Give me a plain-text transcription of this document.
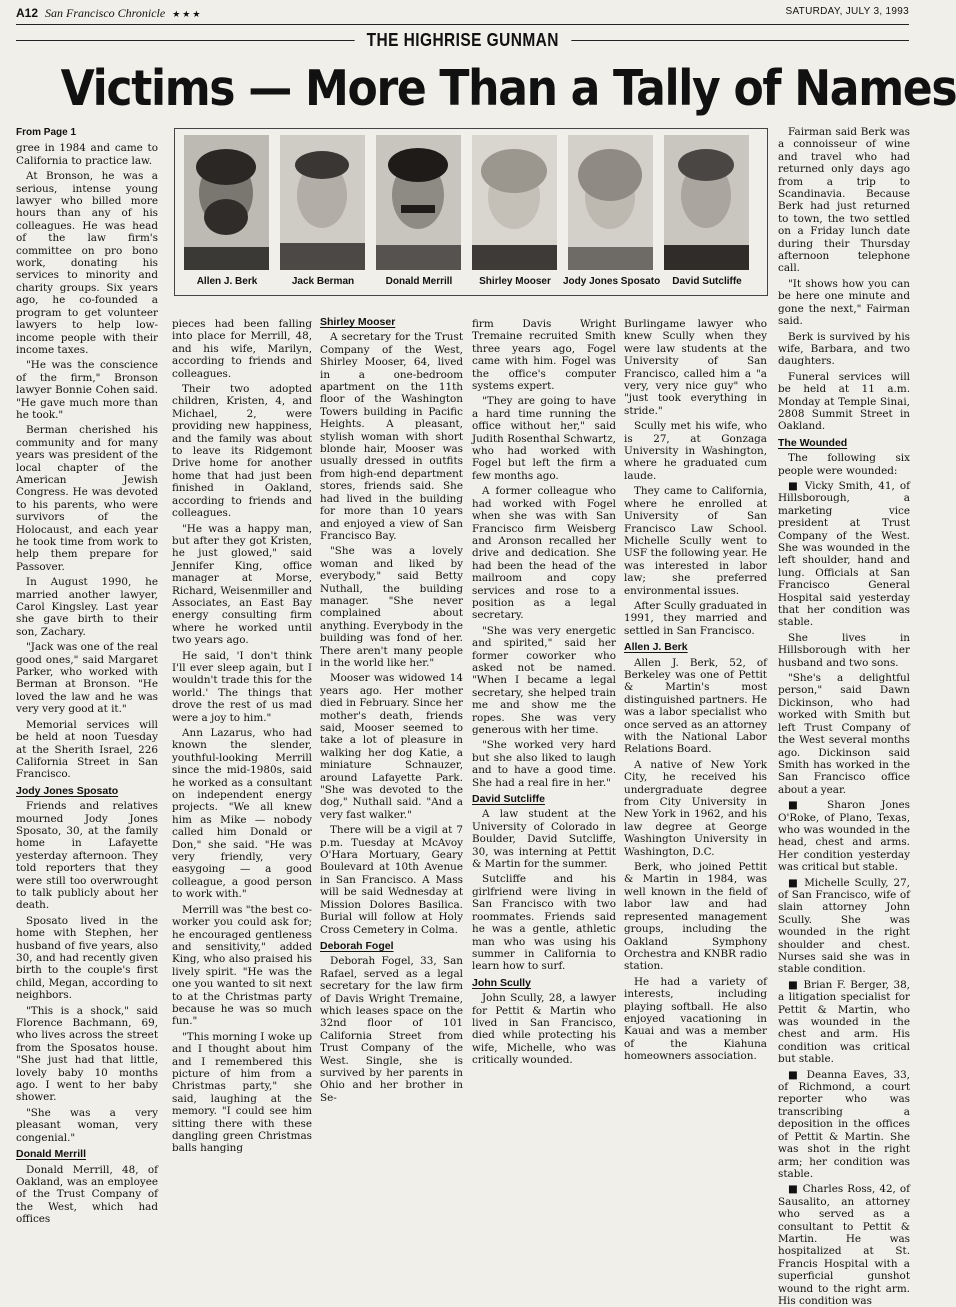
A12 San Francisco Chronicle ★★★	SATURDAY, JULY 3, 1993
THE HIGHRISE GUNMAN
Victims — More Than a Tally of Names

From Page 1

gree in 1984 and came to California to practice law.

At Bronson, he was a serious, intense young lawyer who billed more hours than any of his colleagues. He was head of the law firm's committee on pro bono work, donating his services to minority and charity groups. Six years ago, he co-founded a program to get volunteer lawyers to help low-income people with their income taxes.

"He was the conscience of the firm," Bronson lawyer Bonnie Cohen said. "He gave much more than he took."

Berman cherished his community and for many years was president of the local chapter of the American Jewish Congress. He was devoted to his parents, who were survivors of the Holocaust, and each year he took time from work to help them prepare for Passover.

In August 1990, he married another lawyer, Carol Kingsley. Last year she gave birth to their son, Zachary.

"Jack was one of the real good ones," said Margaret Parker, who worked with Berman at Bronson. "He loved the law and he was very very good at it."

Memorial services will be held at noon Tuesday at the Sherith Israel, 226 California Street in San Francisco.

Jody Jones Sposato

Friends and relatives mourned Jody Jones Sposato, 30, at the family home in Lafayette yesterday afternoon. They told reporters that they were still too overwrought to talk publicly about her death.

Sposato lived in the home with Stephen, her husband of five years, also 30, and had recently given birth to the couple's first child, Megan, according to neighbors.

"This is a shock," said Florence Bachmann, 69, who lives across the street from the Sposatos house. "She just had that little, lovely baby 10 months ago. I went to her baby shower.

"She was a very pleasant woman, very congenial."

Donald Merrill

Donald Merrill, 48, of Oakland, was an employee of the Trust Company of the West, which had offices

Allen J. Berk	Jack Berman	Donald Merrill	Shirley Mooser	Jody Jones Sposato	David Sutcliffe

pieces had been falling into place for Merrill, 48, and his wife, Marilyn, according to friends and colleagues.

Their two adopted children, Kristen, 4, and Michael, 2, were providing new happiness, and the family was about to leave its Ridgemont Drive home for another home that had just been finished in Oakland, according to friends and colleagues.

"He was a happy man, but after they got Kristen, he just glowed," said Jennifer King, office manager at Morse, Richard, Weisenmiller and Associates, an East Bay energy consulting firm where he worked until two years ago.

He said, 'I don't think I'll ever sleep again, but I wouldn't trade this for the world.' The things that drove the rest of us mad were a joy to him."

Ann Lazarus, who had known the slender, youthful-looking Merrill since the mid-1980s, said he worked as a consultant on independent energy projects. "We all knew him as Mike — nobody called him Donald or Don," she said. "He was very friendly, very easygoing — a good colleague, a good person to work with."

Merrill was "the best co-worker you could ask for; he encouraged gentleness and sensitivity," added King, who also praised his lively spirit. "He was the one you wanted to sit next to at the Christmas party because he was so much fun."

"This morning I woke up and I thought about him and I remembered this picture of him from a Christmas party," she said, laughing at the memory. "I could see him sitting there with these dangling green Christmas balls hanging

Shirley Mooser

A secretary for the Trust Company of the West, Shirley Mooser, 64, lived in a one-bedroom apartment on the 11th floor of the Washington Towers building in Pacific Heights. A pleasant, stylish woman with short blonde hair, Mooser was usually dressed in outfits from high-end department stores, friends said. She had lived in the building for more than 10 years and enjoyed a view of San Francisco Bay.

"She was a lovely woman and liked by everybody," said Betty Nuthall, the building manager. "She never complained about anything. Everybody in the building was fond of her. There aren't many people in the world like her."

Mooser was widowed 14 years ago. Her mother died in February. Since her mother's death, friends said, Mooser seemed to take a lot of pleasure in walking her dog Katie, a miniature Schnauzer, around Lafayette Park. "She was devoted to the dog," Nuthall said. "And a very fast walker."

There will be a vigil at 7 p.m. Tuesday at McAvoy O'Hara Mortuary, Geary Boulevard at 10th Avenue in San Francisco. A Mass will be said Wednesday at Mission Dolores Basilica. Burial will follow at Holy Cross Cemetery in Colma.

Deborah Fogel

Deborah Fogel, 33, San Rafael, served as a legal secretary for the law firm of Davis Wright Tremaine, which leases space on the 32nd floor of 101 California Street from Trust Company of the West. Single, she is survived by her parents in Ohio and her brother in Se-

firm Davis Wright Tremaine recruited Smith three years ago, Fogel came with him. Fogel was the office's computer systems expert.

"They are going to have a hard time running the office without her," said Judith Rosenthal Schwartz, who had worked with Fogel but left the firm a few months ago.

A former colleague who had worked with Fogel when she was with San Francisco firm Weisberg and Aronson recalled her drive and dedication. She had been the head of the mailroom and copy services and rose to a position as a legal secretary.

"She was very energetic and spirited," said her former coworker who asked not be named. "When I became a legal secretary, she helped train me and show me the ropes. She was very generous with her time.

"She worked very hard but she also liked to laugh and to have a good time. She had a real fire in her."

David Sutcliffe

A law student at the University of Colorado in Boulder, David Sutcliffe, 30, was interning at Pettit & Martin for the summer.

Sutcliffe and his girlfriend were living in San Francisco with two roommates. Friends said he was a gentle, athletic man who was using his summer in California to learn how to surf.

John Scully

John Scully, 28, a lawyer for Pettit & Martin who lived in San Francisco, died while protecting his wife, Michelle, who was critically wounded.

Burlingame lawyer who knew Scully when they were law students at the University of San Francisco, called him a "a very, very nice guy" who "just took everything in stride."

Scully met his wife, who is 27, at Gonzaga University in Washington, where he graduated cum laude.

They came to California, where he enrolled at University of San Francisco Law School. Michelle Scully went to USF the following year. He was interested in labor law; she preferred environmental issues.

After Scully graduated in 1991, they married and settled in San Francisco.

Allen J. Berk

Allen J. Berk, 52, of Berkeley was one of Pettit & Martin's most distinguished partners. He was a labor specialist who once served as an attorney with the National Labor Relations Board.

A native of New York City, he received his undergraduate degree from City University in New York in 1962, and his law degree at George Washington University in Washington, D.C.

Berk, who joined Pettit & Martin in 1984, was well known in the field of labor law and had represented management groups, including the Oakland Symphony Orchestra and KNBR radio station.

He had a variety of interests, including playing softball. He also enjoyed vacationing in Kauai and was a member of the Kiahuna homeowners association.

Fairman said Berk was a connoisseur of wine and travel who had returned only days ago from a trip to Scandinavia. Because Berk had just returned to town, the two settled on a Friday lunch date during their Thursday afternoon telephone call.

"It shows how you can be here one minute and gone the next," Fairman said.

Berk is survived by his wife, Barbara, and two daughters.

Funeral services will be held at 11 a.m. Monday at Temple Sinai, 2808 Summit Street in Oakland.

The Wounded

The following six people were wounded:

■ Vicky Smith, 41, of Hillsborough, a marketing vice president at Trust Company of the West. She was wounded in the left shoulder, hand and lung. Officials at San Francisco General Hospital said yesterday that her condition was stable.

She lives in Hillsborough with her husband and two sons.

"She's a delightful person," said Dawn Dickinson, who had worked with Smith but left Trust Company of the West several months ago. Dickinson said Smith has worked in the San Francisco office about a year.

■ Sharon Jones O'Roke, of Plano, Texas, who was wounded in the head, chest and arms. Her condition yesterday was critical but stable.

■ Michelle Scully, 27, of San Francisco, wife of slain attorney John Scully. She was wounded in the right shoulder and chest. Nurses said she was in stable condition.

■ Brian F. Berger, 38, a litigation specialist for Pettit & Martin, who was wounded in the chest and arm. His condition was critical but stable.

■ Deanna Eaves, 33, of Richmond, a court reporter who was transcribing a deposition in the offices of Pettit & Martin. She was shot in the right arm; her condition was stable.

■ Charles Ross, 42, of Sausalito, an attorney who served as a consultant to Pettit & Martin. He was hospitalized at St. Francis Hospital with a superficial gunshot wound to the right arm. His condition was
